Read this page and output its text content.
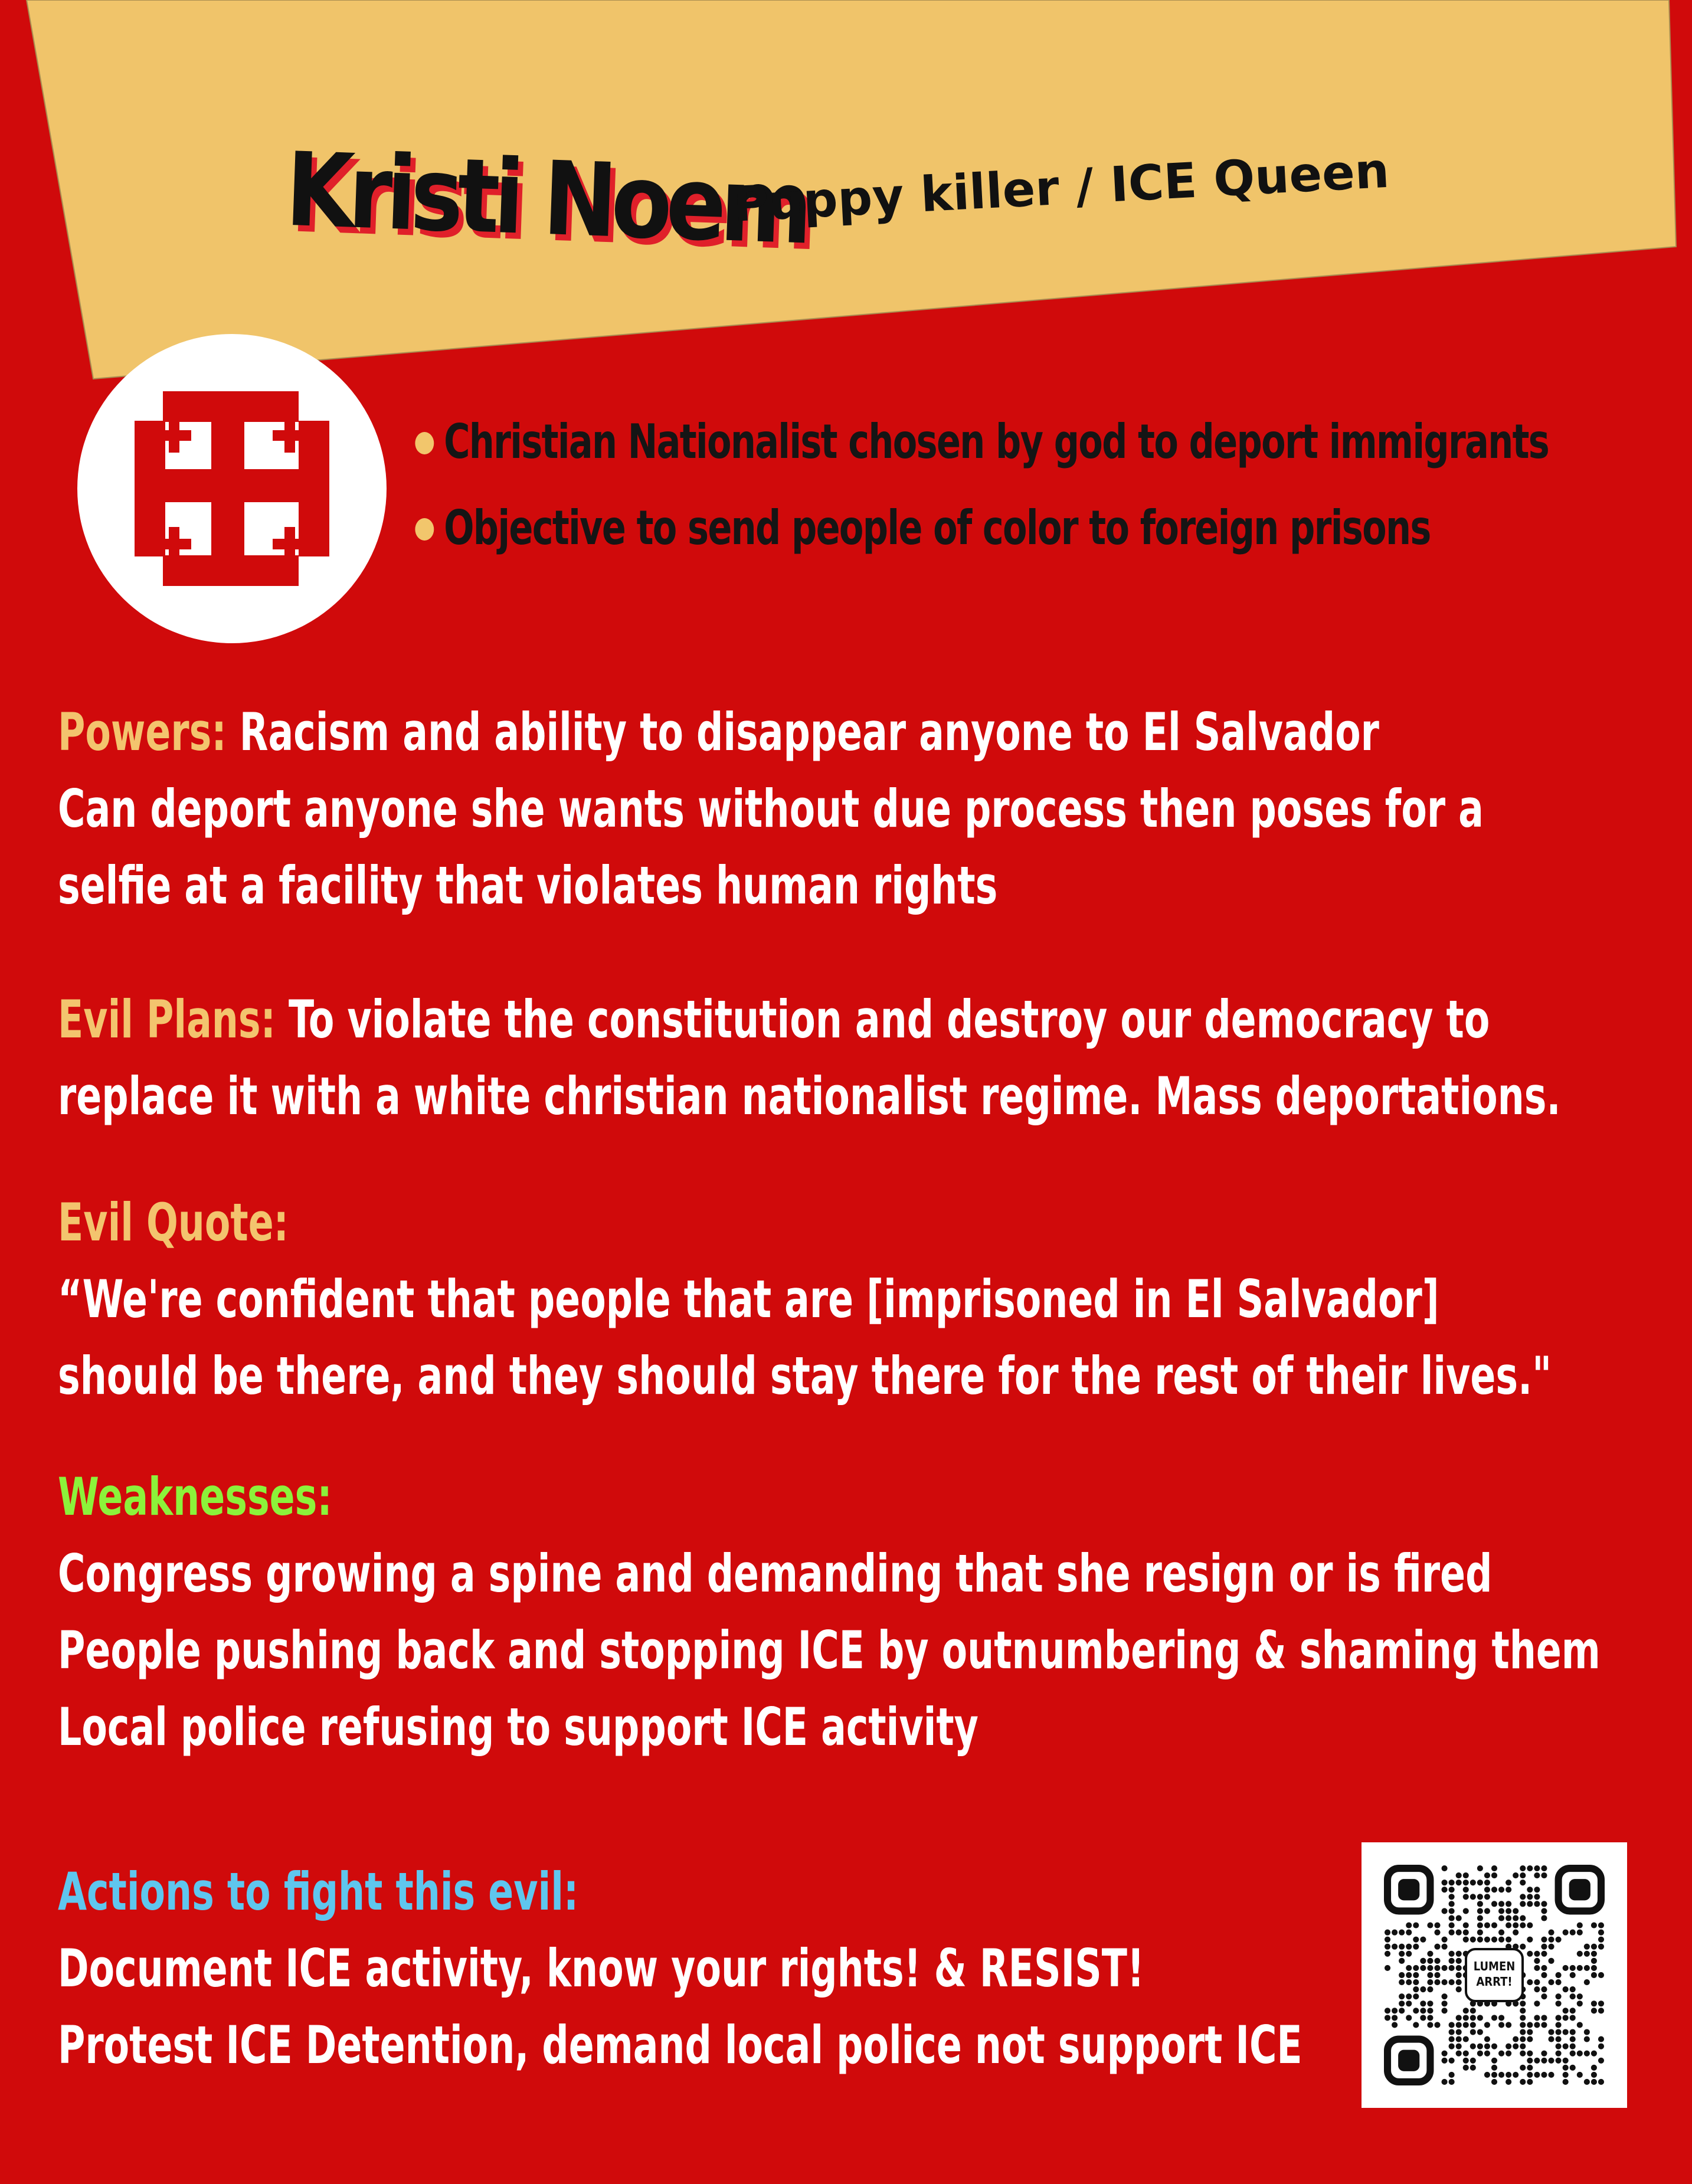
Kristi Noem
Puppy killer / ICE Queen
Christian Nationalist chosen by god to deport immigrants
Objective to send people of color to foreign prisons
Powers: Racism and ability to disappear anyone to El Salvador
Can deport anyone she wants without due process then poses for a
selfie at a facility that violates human rights
Evil Plans: To violate the constitution and destroy our democracy to
replace it with a white christian nationalist regime. Mass deportations.
Evil Quote:
“We're confident that people that are [imprisoned in El Salvador]
should be there, and they should stay there for the rest of their lives."
Weaknesses:
Congress growing a spine and demanding that she resign or is fired
People pushing back and stopping ICE by outnumbering & shaming them
Local police refusing to support ICE activity
Actions to fight this evil:
Document ICE activity, know your rights! & RESIST!
Protest ICE Detention, demand local police not support ICE
LUMEN
ARRT!
